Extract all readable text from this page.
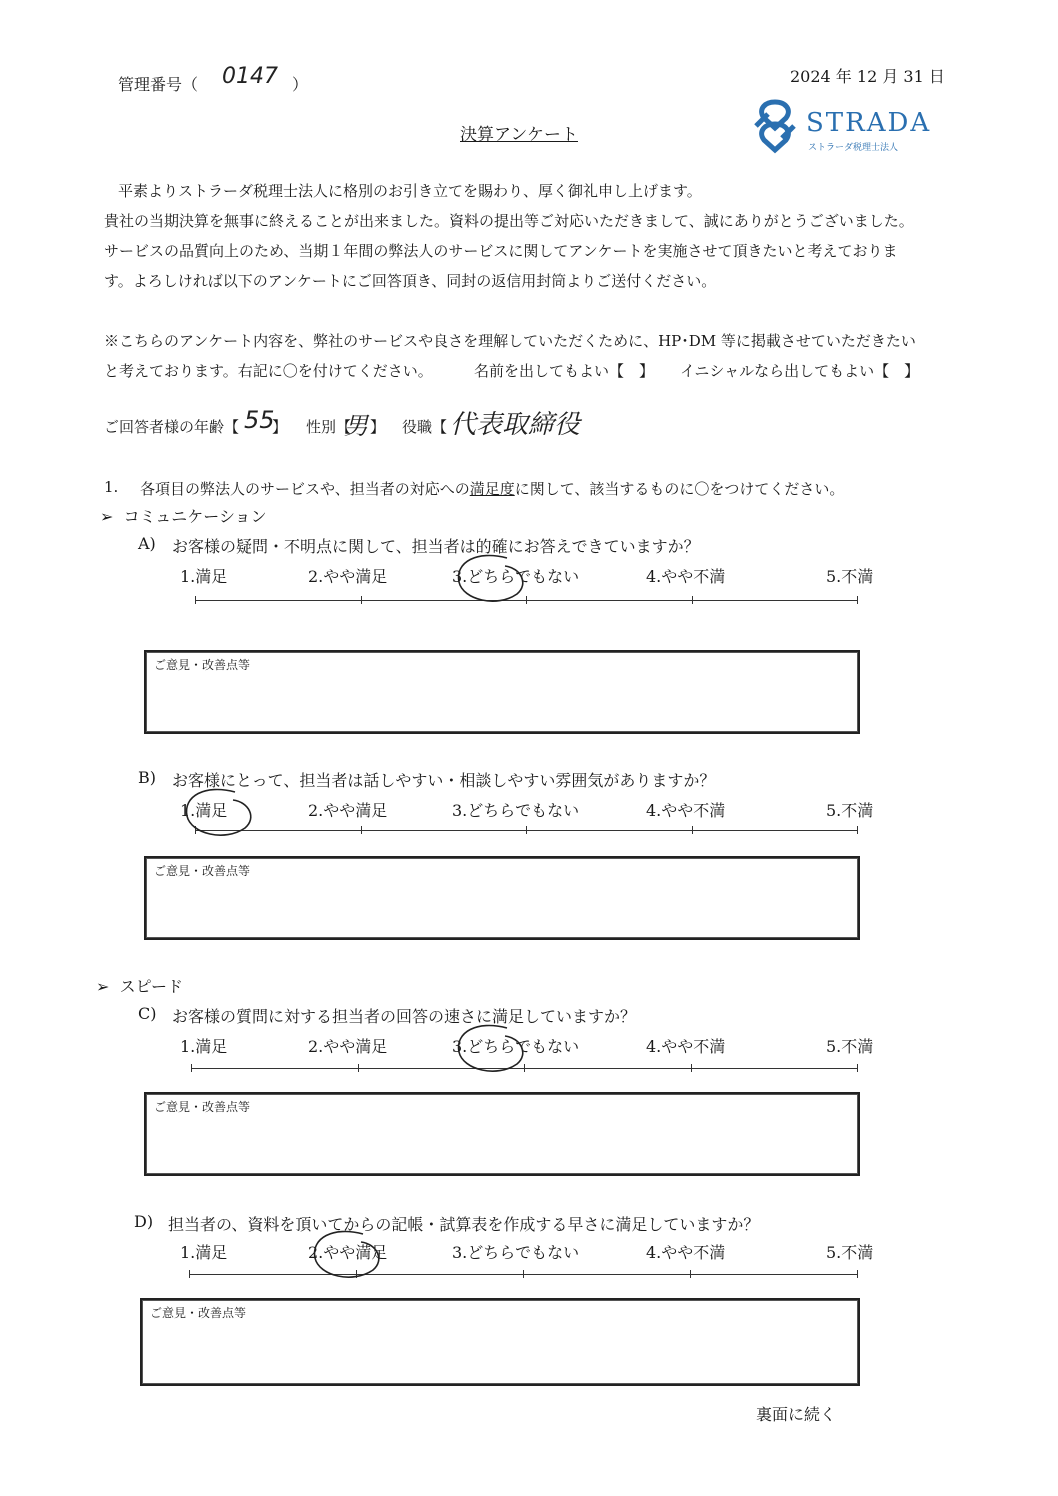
管理番号（ 0147 ）	2024 年 12 月 31 日
決算アンケート	STRADA
ストラーダ税理士法人
平素よりストラーダ税理士法人に格別のお引き立てを賜わり、厚く御礼申し上げます。
貴社の当期決算を無事に終えることが出来ました。資料の提出等ご対応いただきまして、誠にありがとうございました。
サービスの品質向上のため、当期１年間の弊法人のサービスに関してアンケートを実施させて頂きたいと考えておりま
す。よろしければ以下のアンケートにご回答頂き、同封の返信用封筒よりご送付ください。
※こちらのアンケート内容を、弊社のサービスや良さを理解していただくために、HP･DM 等に掲載させていただきたい
と考えております。右記に〇を付けてください。	名前を出してもよい【　】 イニシャルなら出してもよい【　】
ご回答者様の年齢【 55
】 性別【
男 】 役職【 代表取締役
1. 各項目の弊法人のサービスや、担当者の対応への満足度に関して、該当するものに〇をつけてください。
➢ コミュニケーション
A) お客様の疑問・不明点に関して、担当者は的確にお答えできていますか？
1.満足	2.やや満足	3.どちらでもない	4.やや不満	5.不満
ご意見・改善点等
B) お客様にとって、担当者は話しやすい・相談しやすい雰囲気がありますか？
1.満足	2.やや満足	3.どちらでもない	4.やや不満	5.不満
ご意見・改善点等
➢ スピード
C) お客様の質問に対する担当者の回答の速さに満足していますか？
1.満足	2.やや満足	3.どちらでもない	4.やや不満	5.不満
ご意見・改善点等
D) 担当者の、資料を頂いてからの記帳・試算表を作成する早さに満足していますか？
1.満足	2.やや満足	3.どちらでもない	4.やや不満	5.不満
ご意見・改善点等
裏面に続く
